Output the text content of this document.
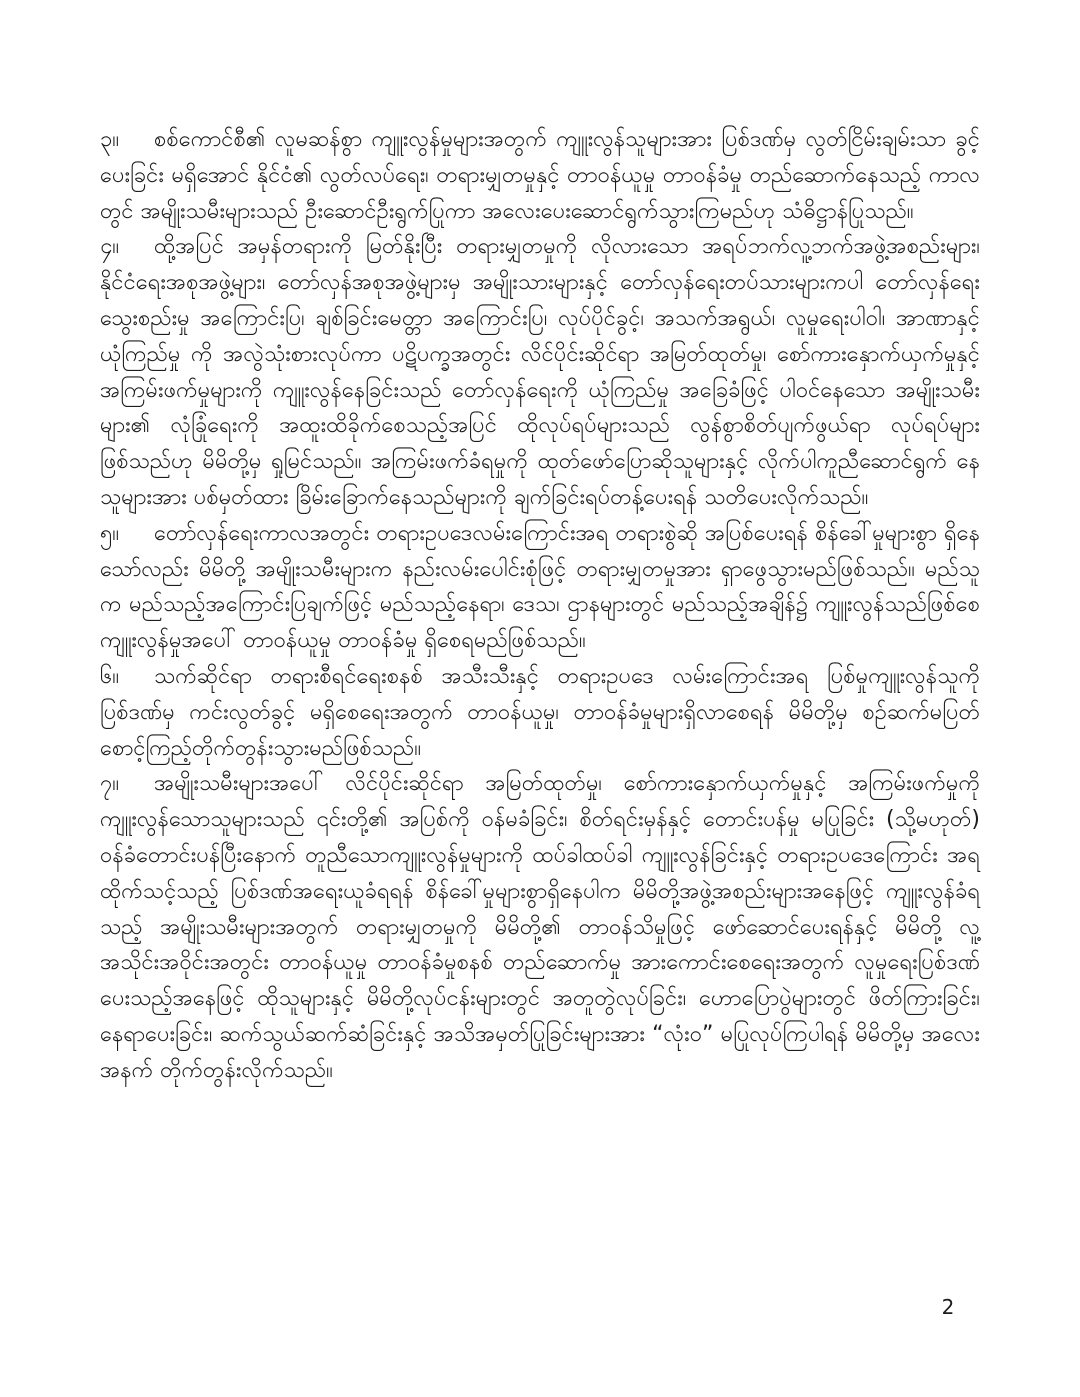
၃။ စစ်ကောင်စီ၏ လူမဆန်စွာ ကျူးလွန်မှုများအတွက် ကျူးလွန်သူများအား ပြစ်ဒဏ်မှ လွတ်ငြိမ်းချမ်းသာ ခွင့်ပေးခြင်း မရှိအောင် နိုင်ငံ၏ လွတ်လပ်ရေး၊ တရားမျှတမှုနှင့် တာဝန်ယူမှု တာဝန်ခံမှု တည်ဆောက်နေသည့် ကာလတွင် အမျိုးသမီးများသည် ဦးဆောင်ဦးရွက်ပြုကာ အလေးပေးဆောင်ရွက်သွားကြမည်ဟု သံဓိဋ္ဌာန်ပြုသည်။

၄။ ထို့အပြင် အမှန်တရားကို မြတ်နိုးပြီး တရားမျှတမှုကို လိုလားသော အရပ်ဘက်လူ့ဘက်အဖွဲ့အစည်းများ၊ နိုင်ငံရေးအစုအဖွဲ့များ၊ တော်လှန်အစုအဖွဲ့များမှ အမျိုးသားများနှင့် တော်လှန်ရေးတပ်သားများကပါ တော်လှန်ရေးသွေးစည်းမှု အကြောင်းပြ၊ ချစ်ခြင်းမေတ္တာ အကြောင်းပြ၊ လုပ်ပိုင်ခွင့်၊ အသက်အရွယ်၊ လူမှုရေးပါဝါ၊ အာဏာနှင့် ယုံကြည်မှု ကို အလွဲသုံးစားလုပ်ကာ ပဋိပက္ခအတွင်း လိင်ပိုင်းဆိုင်ရာ အမြတ်ထုတ်မှု၊ စော်ကားနှောက်ယှက်မှုနှင့် အကြမ်းဖက်မှုများကို ကျူးလွန်နေခြင်းသည် တော်လှန်ရေးကို ယုံကြည်မှု အခြေခံဖြင့် ပါဝင်နေသော အမျိုးသမီး များ၏ လုံခြုံရေးကို အထူးထိခိုက်စေသည့်အပြင် ထိုလုပ်ရပ်များသည် လွန်စွာစိတ်ပျက်ဖွယ်ရာ လုပ်ရပ်များ ဖြစ်သည်ဟု မိမိတို့မှ ရှုမြင်သည်။ အကြမ်းဖက်ခံရမှုကို ထုတ်ဖော်ပြောဆိုသူများနှင့် လိုက်ပါကူညီဆောင်ရွက် နေသူများအား ပစ်မှတ်ထား ခြိမ်းခြောက်နေသည်များကို ချက်ခြင်းရပ်တန့်ပေးရန် သတိပေးလိုက်သည်။

၅။ တော်လှန်ရေးကာလအတွင်း တရားဥပဒေလမ်းကြောင်းအရ တရားစွဲဆို အပြစ်ပေးရန် စိန်ခေါ်မှုများစွာ ရှိနေသော်လည်း မိမိတို့ အမျိုးသမီးများက နည်းလမ်းပေါင်းစုံဖြင့် တရားမျှတမှုအား ရှာဖွေသွားမည်ဖြစ်သည်။ မည်သူက မည်သည့်အကြောင်းပြချက်ဖြင့် မည်သည့်နေရာ၊ ဒေသ၊ ဌာနများတွင် မည်သည့်အချိန်၌ ကျူးလွန်သည်ဖြစ်စေ ကျူးလွန်မှုအပေါ် တာဝန်ယူမှု တာဝန်ခံမှု ရှိစေရမည်ဖြစ်သည်။

၆။ သက်ဆိုင်ရာ တရားစီရင်ရေးစနစ် အသီးသီးနှင့် တရားဥပဒေ လမ်းကြောင်းအရ ပြစ်မှုကျူးလွန်သူကို ပြစ်ဒဏ်မှ ကင်းလွတ်ခွင့် မရှိစေရေးအတွက် တာဝန်ယူမှု၊ တာဝန်ခံမှုများရှိလာစေရန် မိမိတို့မှ စဉ်ဆက်မပြတ် စောင့်ကြည့်တိုက်တွန်းသွားမည်ဖြစ်သည်။

၇။ အမျိုးသမီးများအပေါ် လိင်ပိုင်းဆိုင်ရာ အမြတ်ထုတ်မှု၊ စော်ကားနှောက်ယှက်မှုနှင့် အကြမ်းဖက်မှုကို ကျူးလွန်သောသူများသည် ၎င်းတို့၏ အပြစ်ကို ဝန်မခံခြင်း၊ စိတ်ရင်းမှန်နှင့် တောင်းပန်မှု မပြုခြင်း (သို့မဟုတ်) ဝန်ခံတောင်းပန်ပြီးနောက် တူညီသောကျူးလွန်မှုများကို ထပ်ခါထပ်ခါ ကျူးလွန်ခြင်းနှင့် တရားဥပဒေကြောင်း အရ ထိုက်သင့်သည့် ပြစ်ဒဏ်အရေးယူခံရရန် စိန်ခေါ်မှုများစွာရှိနေပါက မိမိတို့အဖွဲ့အစည်းများအနေဖြင့် ကျူးလွန်ခံရသည့် အမျိုးသမီးများအတွက် တရားမျှတမှုကို မိမိတို့၏ တာဝန်သိမှုဖြင့် ဖော်ဆောင်ပေးရန်နှင့် မိမိတို့ လူ့အသိုင်းအဝိုင်းအတွင်း တာဝန်ယူမှု တာဝန်ခံမှုစနစ် တည်ဆောက်မှု အားကောင်းစေရေးအတွက် လူမှုရေးပြစ်ဒဏ်ပေးသည့်အနေဖြင့် ထိုသူများနှင့် မိမိတို့လုပ်ငန်းများတွင် အတူတွဲလုပ်ခြင်း၊ ဟောပြောပွဲများတွင် ဖိတ်ကြားခြင်း၊ နေရာပေးခြင်း၊ ဆက်သွယ်ဆက်ဆံခြင်းနှင့် အသိအမှတ်ပြုခြင်းများအား “လုံးဝ” မပြုလုပ်ကြပါရန် မိမိတို့မှ အလေးအနက် တိုက်တွန်းလိုက်သည်။

2
